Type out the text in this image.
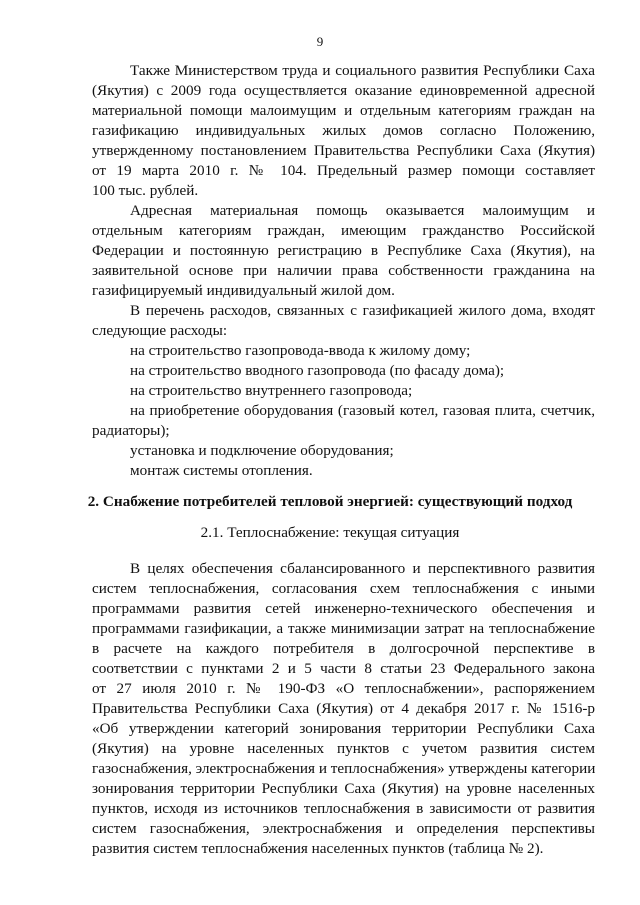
9
Также Министерством труда и социального развития Республики Саха
(Якутия) с 2009 года осуществляется оказание единовременной адресной
материальной помощи малоимущим и отдельным категориям граждан на
газификацию индивидуальных жилых домов согласно Положению,
утвержденному постановлением Правительства Республики Саха (Якутия)
от 19 марта 2010 г. № 104. Предельный размер помощи составляет
100 тыс. рублей.
Адресная материальная помощь оказывается малоимущим и
отдельным категориям граждан, имеющим гражданство Российской
Федерации и постоянную регистрацию в Республике Саха (Якутия), на
заявительной основе при наличии права собственности гражданина на
газифицируемый индивидуальный жилой дом.
В перечень расходов, связанных с газификацией жилого дома, входят
следующие расходы:
на строительство газопровода-ввода к жилому дому;
на строительство вводного газопровода (по фасаду дома);
на строительство внутреннего газопровода;
на приобретение оборудования (газовый котел, газовая плита, счетчик,
радиаторы);
установка и подключение оборудования;
монтаж системы отопления.
2. Снабжение потребителей тепловой энергией: существующий подход
2.1. Теплоснабжение: текущая ситуация
В целях обеспечения сбалансированного и перспективного развития
систем теплоснабжения, согласования схем теплоснабжения с иными
программами развития сетей инженерно-технического обеспечения и
программами газификации, а также минимизации затрат на теплоснабжение
в расчете на каждого потребителя в долгосрочной перспективе в
соответствии с пунктами 2 и 5 части 8 статьи 23 Федерального закона
от 27 июля 2010 г. № 190-ФЗ «О теплоснабжении», распоряжением
Правительства Республики Саха (Якутия) от 4 декабря 2017 г. № 1516-р
«Об утверждении категорий зонирования территории Республики Саха
(Якутия) на уровне населенных пунктов с учетом развития систем
газоснабжения, электроснабжения и теплоснабжения» утверждены категории
зонирования территории Республики Саха (Якутия) на уровне населенных
пунктов, исходя из источников теплоснабжения в зависимости от развития
систем газоснабжения, электроснабжения и определения перспективы
развития систем теплоснабжения населенных пунктов (таблица № 2).
